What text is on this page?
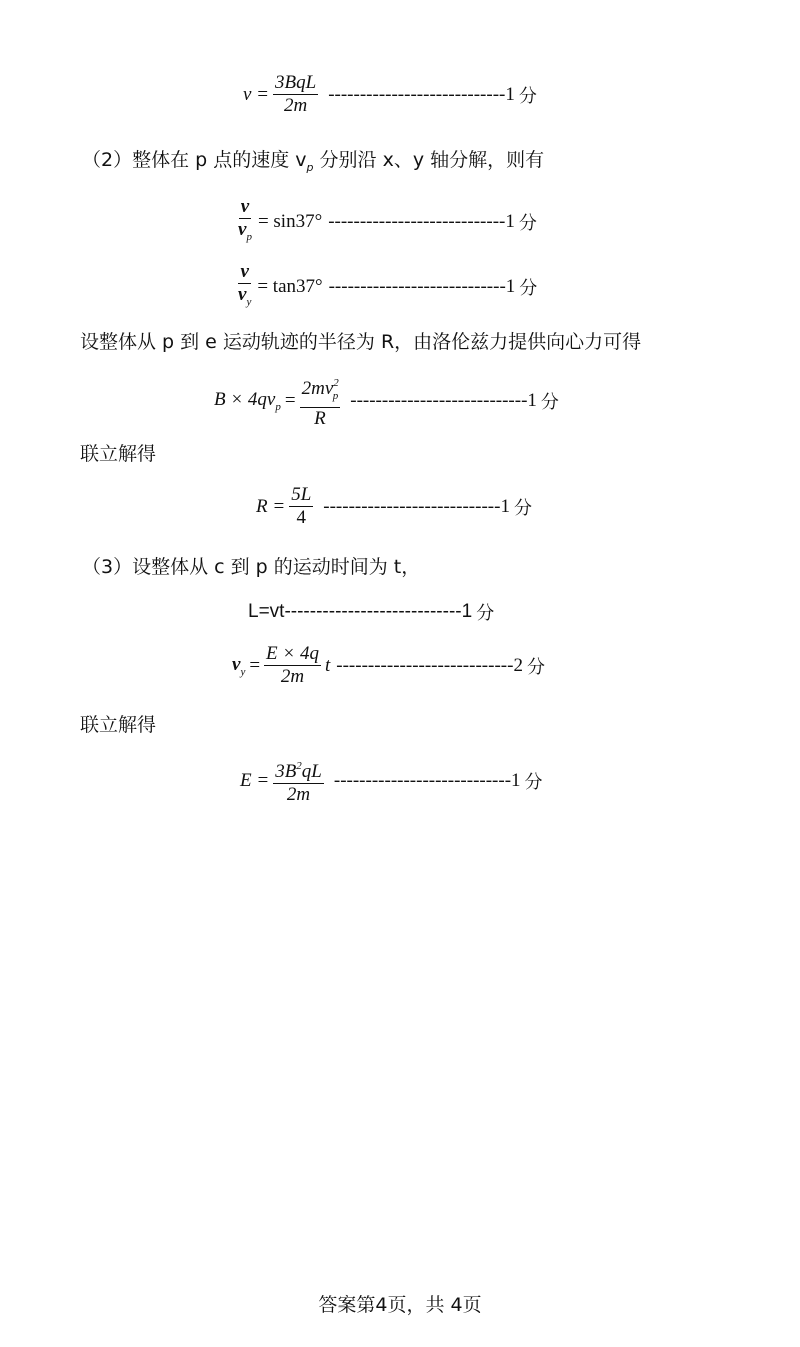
$v = \frac{\text{3BqL}}{2m}$ ---------------------------- 1 分
（2）整体在 p 点的速度 $v_p$ 分别沿 x、y 轴分解，则有
$\frac{v}{v_p} = \sin 37^\circ$ ---------------------------- 1 分
$\frac{v}{v_y} = \tan 37^\circ$ ---------------------------- 1 分
设整体从 p 到 e 运动轨迹的半径为 R，由洛伦兹力提供向心力可得
$B \times 4qv_p = \frac{2mv^2_p}{R}$ ---------------------------- 1 分
联立解得
$R = \frac{5L}{4}$ ---------------------------- 1 分
（3）设整体从 c 到 p 的运动时间为 t，
L=vt ---------------------------- 1 分
$v_y = \frac{E \times 4q}{2m}$ t ---------------------------- 2 分
联立解得
$E = \frac{3B^2qL}{2m}$ ---------------------------- 1 分
答案第4页，共 4页
